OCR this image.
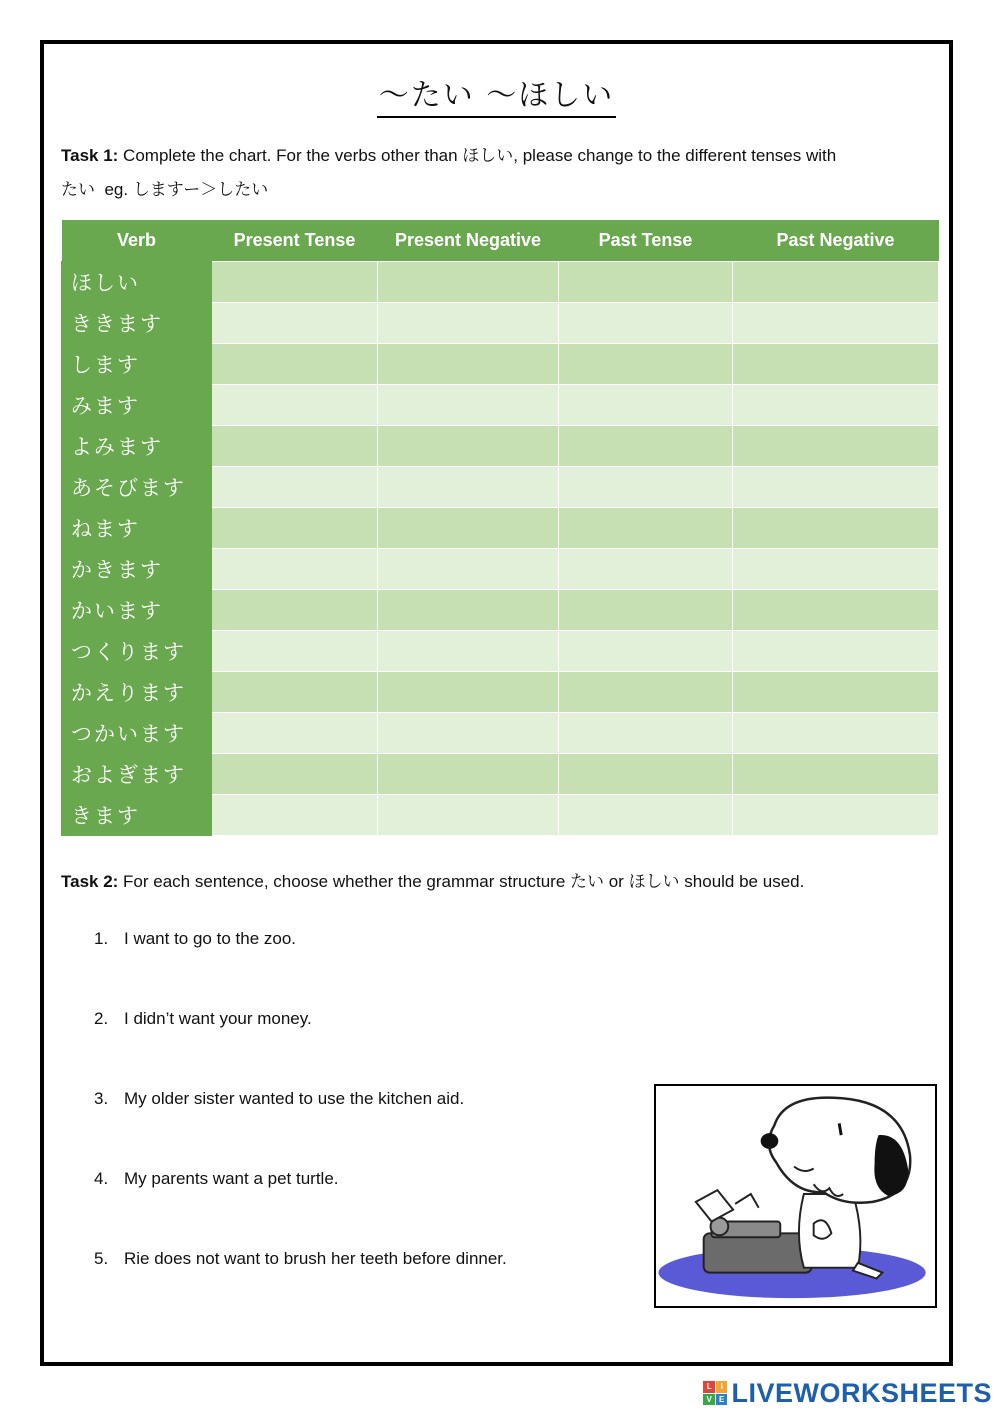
〜たい 〜ほしい
Task 1: Complete the chart. For the verbs other than ほしい, please change to the different tenses with
たい  eg. しますー＞したい
Verb	Present Tense	Present Negative	Past Tense	Past Negative
ほしい				
ききます				
します				
みます				
よみます				
あそびます				
ねます				
かきます				
かいます				
つくります				
かえります				
つかいます				
およぎます				
きます				
Task 2: For each sentence, choose whether the grammar structure たい or ほしい should be used.
1. I want to go to the zoo.
2. I didn’t want your money.
3. My older sister wanted to use the kitchen aid.
4. My parents want a pet turtle.
5. Rie does not want to brush her teeth before dinner.
L	I
V E LIVEWORKSHEETS
